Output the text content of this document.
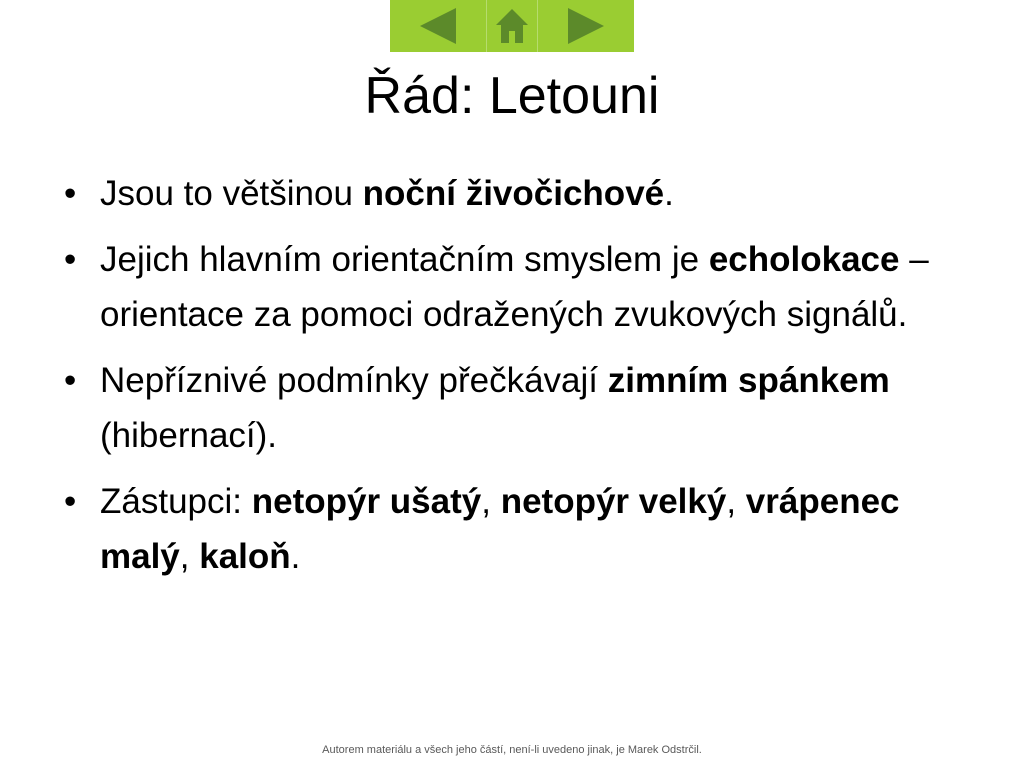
Řád: Letouni
• Jsou to většinou noční živočichové.
• Jejich hlavním orientačním smyslem je echolokace – orientace za pomoci odražených zvukových signálů.
• Nepříznivé podmínky přečkávají zimním spánkem (hibernací).
• Zástupci: netopýr ušatý, netopýr velký, vrápenec malý, kaloň.
Autorem materiálu a všech jeho částí, není-li uvedeno jinak, je Marek Odstrčil.
